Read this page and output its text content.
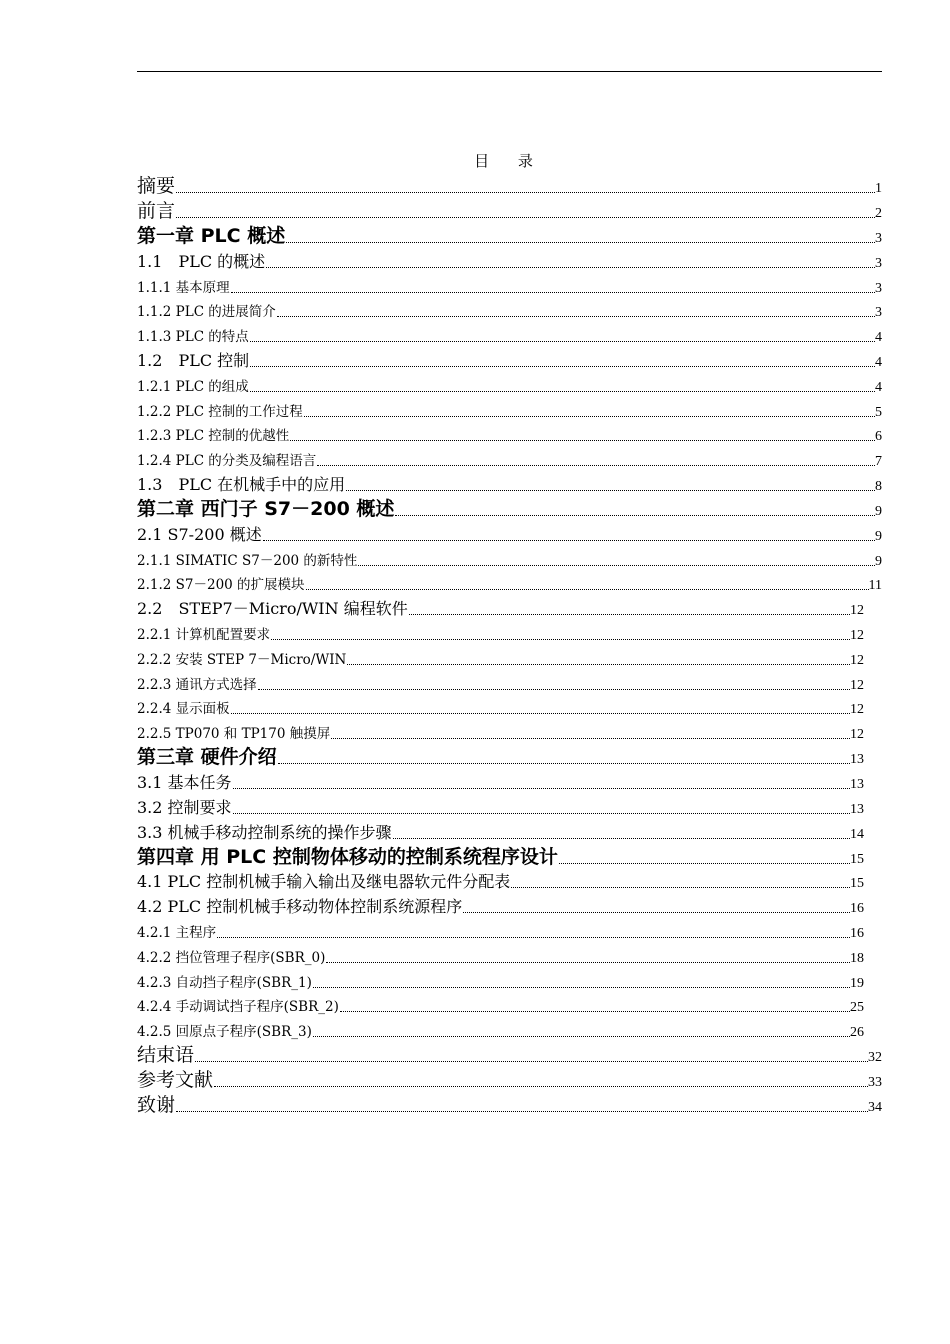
目 录
摘要	1
前言	2
第一章 PLC 概述	3
1.1　PLC 的概述	3
1.1.1 基本原理	3
1.1.2 PLC 的进展简介	3
1.1.3 PLC 的特点	4
1.2　PLC 控制	4
1.2.1 PLC 的组成	4
1.2.2 PLC 控制的工作过程	5
1.2.3 PLC 控制的优越性	6
1.2.4 PLC 的分类及编程语言	7
1.3　PLC 在机械手中的应用	8
第二章 西门子 S7－200 概述	9
2.1 S7-200 概述	9
2.1.1 SIMATIC S7－200 的新特性	9
2.1.2 S7－200 的扩展模块	11
2.2　STEP7－Micro/WIN 编程软件	12
2.2.1 计算机配置要求	12
2.2.2 安装 STEP 7－Micro/WIN	12
2.2.3 通讯方式选择	12
2.2.4 显示面板	12
2.2.5 TP070 和 TP170 触摸屏	12
第三章 硬件介绍	13
3.1 基本任务	13
3.2 控制要求	13
3.3 机械手移动控制系统的操作步骤	14
第四章 用 PLC 控制物体移动的控制系统程序设计	15
4.1 PLC 控制机械手输入输出及继电器软元件分配表	15
4.2 PLC 控制机械手移动物体控制系统源程序	16
4.2.1 主程序	16
4.2.2 挡位管理子程序(SBR_0)	18
4.2.3 自动挡子程序(SBR_1)	19
4.2.4 手动调试挡子程序(SBR_2)	25
4.2.5 回原点子程序(SBR_3)	26
结束语	32
参考文献	33
致谢	34
